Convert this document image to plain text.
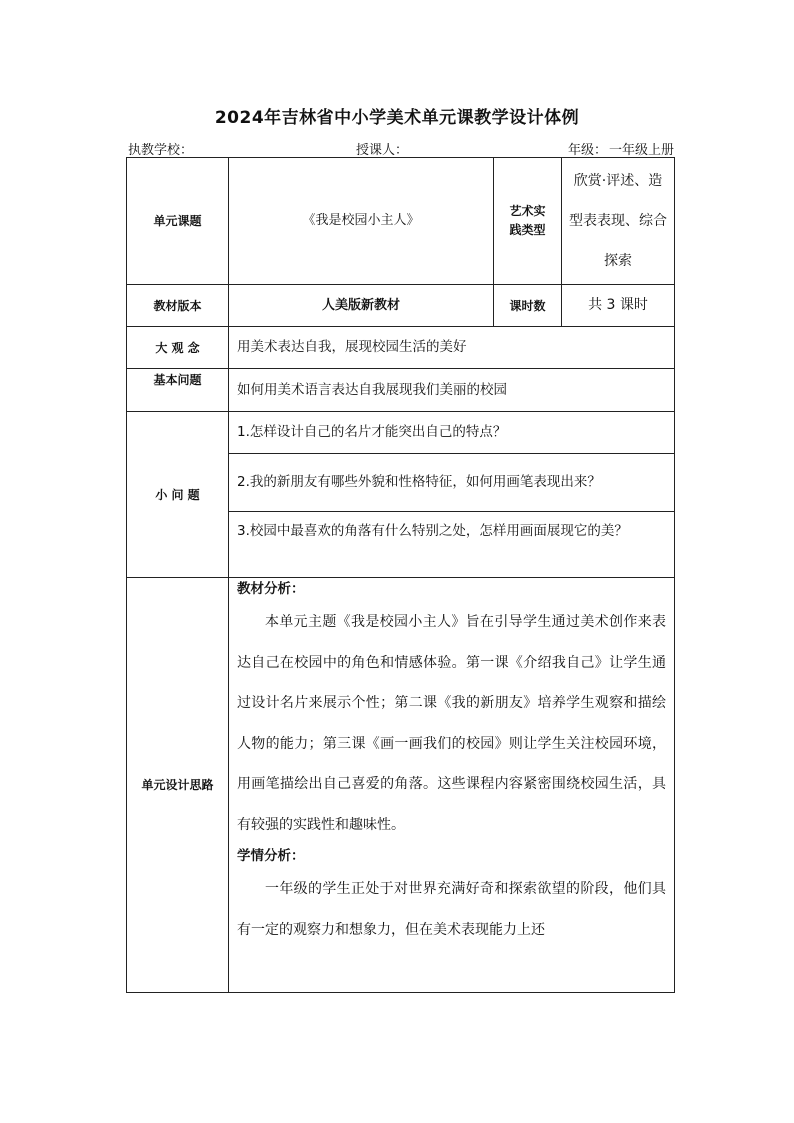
2024年吉林省中小学美术单元课教学设计体例
执教学校：	授课人：	年级： 一年级上册
单元课题	《我是校园小主人》	艺术实践类型	欣赏·评述、造型表表现、综合探索
教材版本	人美版新教材	课时数	共 3 课时
大 观 念	用美术表达自我，展现校园生活的美好		
基本问题	如何用美术语言表达自我展现我们美丽的校园		
小 问 题	1.怎样设计自己的名片才能突出自己的特点？		
	2.我的新朋友有哪些外貌和性格特征，如何用画笔表现出来？		
	3.校园中最喜欢的角落有什么特别之处，怎样用画面展现它的美？		
单元设计思路	教材分析：

本单元主题《我是校园小主人》旨在引导学生通过美术创作来表达自己在校园中的角色和情感体验。第一课《介绍我自己》让学生通过设计名片来展示个性；第二课《我的新朋友》培养学生观察和描绘人物的能力；第三课《画一画我们的校园》则让学生关注校园环境，用画笔描绘出自己喜爱的角落。这些课程内容紧密围绕校园生活，具有较强的实践性和趣味性。

学情分析：

一年级的学生正处于对世界充满好奇和探索欲望的阶段，他们具有一定的观察力和想象力，但在美术表现能力上还		
